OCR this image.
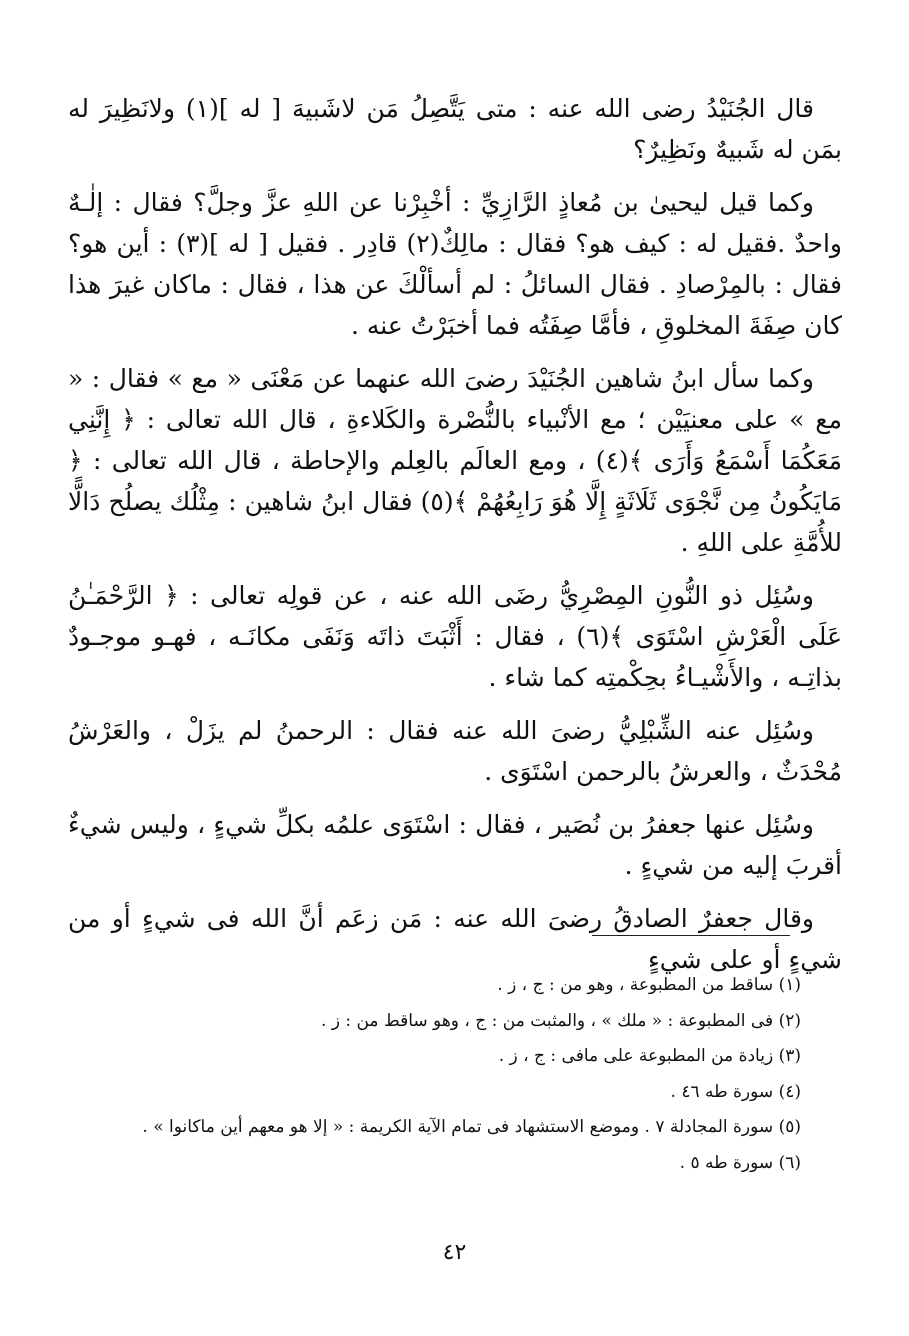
قال الجُنَيْدُ رضى الله عنه : متى يَتَّصِلُ مَن لاشَبيهَ [ له ](١) ولانَظِيرَ له بمَن له شَبيهٌ ونَظِيرٌ؟

وكما قيل ليحيىٰ بن مُعاذٍ الرَّازِيِّ : أخْبِرْنا عن اللهِ عزَّ وجلَّ؟ فقال : إلٰـهٌ واحدٌ .فقيل له : كيف هو؟ فقال : مالِكٌ(٢) قادِر . فقيل [ له ](٣) : أين هو؟ فقال : بالمِرْصادِ . فقال السائلُ : لم أسألْكَ عن هذا ، فقال : ماكان غيرَ هذا كان صِفَةَ المخلوقِ ، فأمَّا صِفَتُه فما أخبَرْتُ عنه .

وكما سأل ابنُ شاهين الجُنَيْدَ رضىَ الله عنهما عن مَعْنَى « مع » فقال : « مع » على معنيَيْن ؛ مع الأنْبياء بالنُّصْرة والكَلاءةِ ، قال الله تعالى : ﴿ إِنَّنِي مَعَكُمَا أَسْمَعُ وَأَرَى ﴾(٤) ، ومع العالَم بالعِلم والإحاطة ، قال الله تعالى : ﴿ مَايَكُونُ مِن نَّجْوَى ثَلَاثَةٍ إِلَّا هُوَ رَابِعُهُمْ ﴾(٥) فقال ابنُ شاهين : مِثْلُك يصلُح دَالًّا للأُمَّةِ على اللهِ .

وسُئِل ذو النُّونِ المِصْرِيُّ رضَى الله عنه ، عن قولِه تعالى : ﴿ الرَّحْمَـٰنُ عَلَى الْعَرْشِ اسْتَوَى ﴾(٦) ، فقال : أَثْبَتَ ذاتَه وَنَفَى مكانَـه ، فهـو موجـودٌ بذاتِـه ، والأَشْيـاءُ بحِكْمتِه كما شاء .

وسُئِل عنه الشِّبْلِيُّ رضىَ الله عنه فقال : الرحمنُ لم يزَلْ ، والعَرْشُ مُحْدَثٌ ، والعرشُ بالرحمن اسْتَوَى .

وسُئِل عنها جعفرُ بن نُصَير ، فقال : اسْتَوَى علمُه بكلِّ شيءٍ ، وليس شيءٌ أقربَ إليه من شيءٍ .

وقال جعفرٌ الصادقُ رضىَ الله عنه : مَن زعَم أنَّ الله فى شيءٍ أو من شيءٍ أو على شيءٍ

(١) ساقط من المطبوعة ، وهو من : ج ، ز .

(٢) فى المطبوعة : « ملك » ، والمثبت من : ج ، وهو ساقط من : ز .

(٣) زيادة من المطبوعة على مافى : ج ، ز .

(٤) سورة طه ٤٦ .

(٥) سورة المجادلة ٧ . وموضع الاستشهاد فى تمام الآية الكريمة : « إلا هو معهم أين ماكانوا » .

(٦) سورة طه ٥ .

٤٢
